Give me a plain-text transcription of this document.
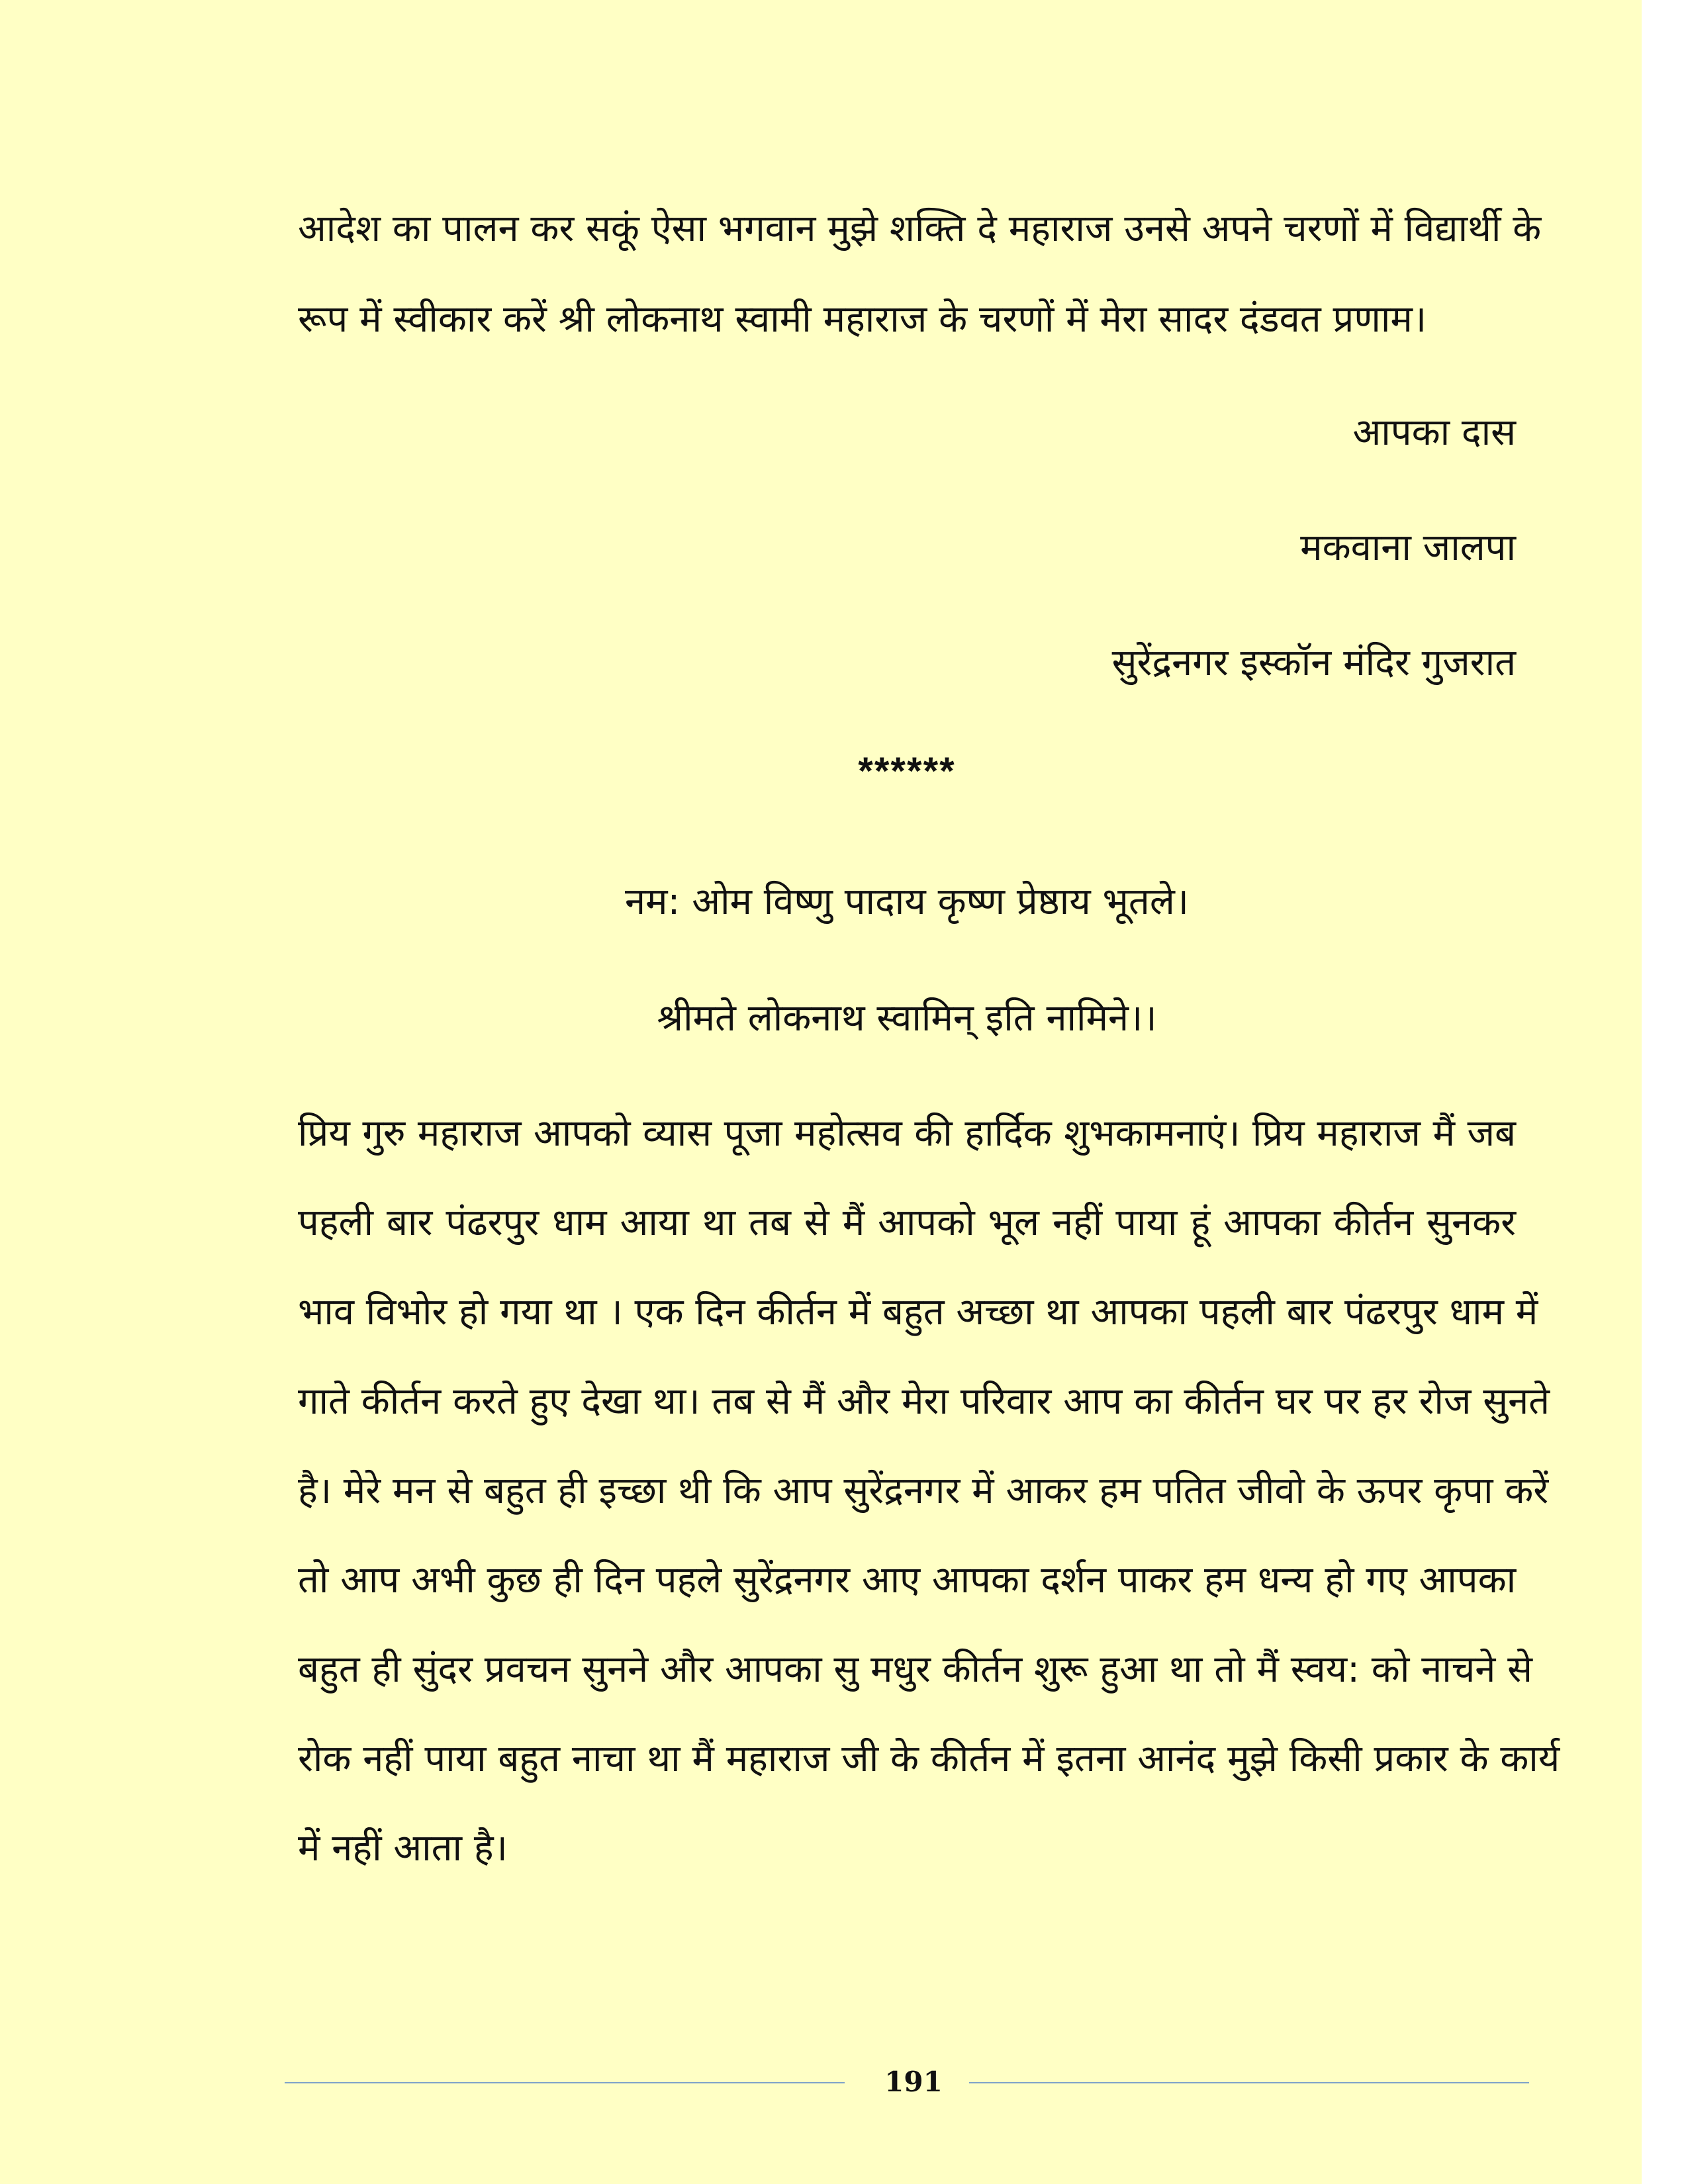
आदेश का पालन कर सकूं ऐसा भगवान मुझे शक्ति दे महाराज उनसे अपने चरणों में विद्यार्थी के
रूप में स्वीकार करें श्री लोकनाथ स्वामी महाराज के चरणों में मेरा सादर दंडवत प्रणाम।
आपका दास
मकवाना जालपा
सुरेंद्रनगर इस्कॉन मंदिर गुजरात
******
नम: ओम विष्णु पादाय कृष्ण प्रेष्ठाय भूतले।
श्रीमते लोकनाथ स्वामिन् इति नामिने।।
प्रिय गुरु महाराज आपको व्यास पूजा महोत्सव की हार्दिक शुभकामनाएं। प्रिय महाराज मैं जब
पहली बार पंढरपुर धाम आया था तब से मैं आपको भूल नहीं पाया हूं आपका कीर्तन सुनकर
भाव विभोर हो गया था । एक दिन कीर्तन में बहुत अच्छा था आपका पहली बार पंढरपुर धाम में
गाते कीर्तन करते हुए देखा था। तब से मैं और मेरा परिवार आप का कीर्तन घर पर हर रोज सुनते
है। मेरे मन से बहुत ही इच्छा थी कि आप सुरेंद्रनगर में आकर हम पतित जीवो के ऊपर कृपा करें
तो आप अभी कुछ ही दिन पहले सुरेंद्रनगर आए आपका दर्शन पाकर हम धन्य हो गए आपका
बहुत ही सुंदर प्रवचन सुनने और आपका सु मधुर कीर्तन शुरू हुआ था तो मैं स्वय: को नाचने से
रोक नहीं पाया बहुत नाचा था मैं महाराज जी के कीर्तन में इतना आनंद मुझे किसी प्रकार के कार्य
में नहीं आता है।
191
